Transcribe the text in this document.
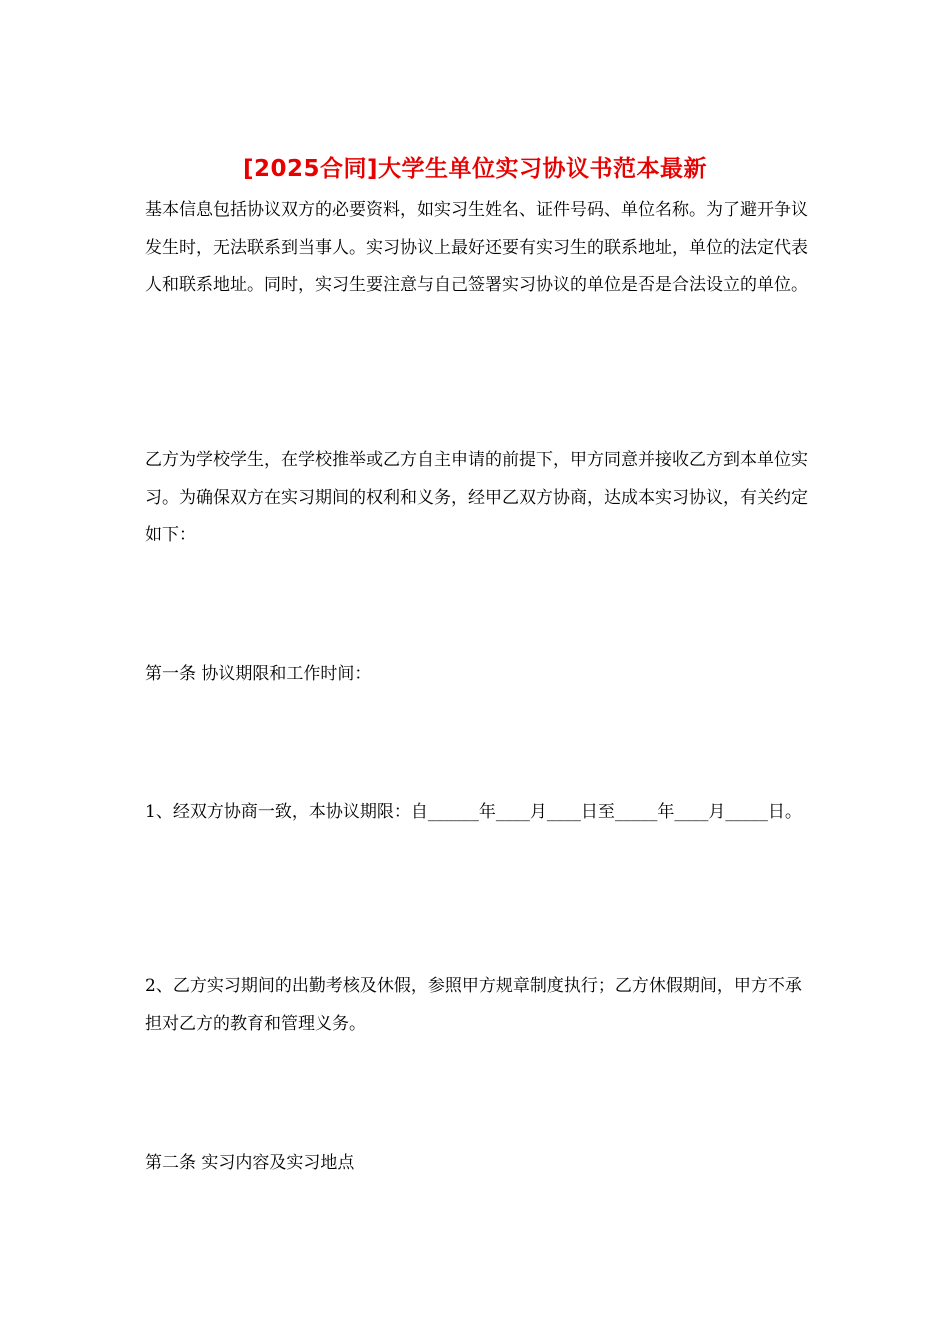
[2025合同]大学生单位实习协议书范本最新

基本信息包括协议双方的必要资料，如实习生姓名、证件号码、单位名称。为了避开争议发生时，无法联系到当事人。实习协议上最好还要有实习生的联系地址，单位的法定代表人和联系地址。同时，实习生要注意与自己签署实习协议的单位是否是合法设立的单位。

乙方为学校学生，在学校推举或乙方自主申请的前提下，甲方同意并接收乙方到本单位实习。为确保双方在实习期间的权利和义务，经甲乙双方协商，达成本实习协议，有关约定如下：

第一条 协议期限和工作时间：

1、经双方协商一致，本协议期限：自______年____月____日至_____年____月_____日。

2、乙方实习期间的出勤考核及休假，参照甲方规章制度执行；乙方休假期间，甲方不承担对乙方的教育和管理义务。

第二条 实习内容及实习地点
